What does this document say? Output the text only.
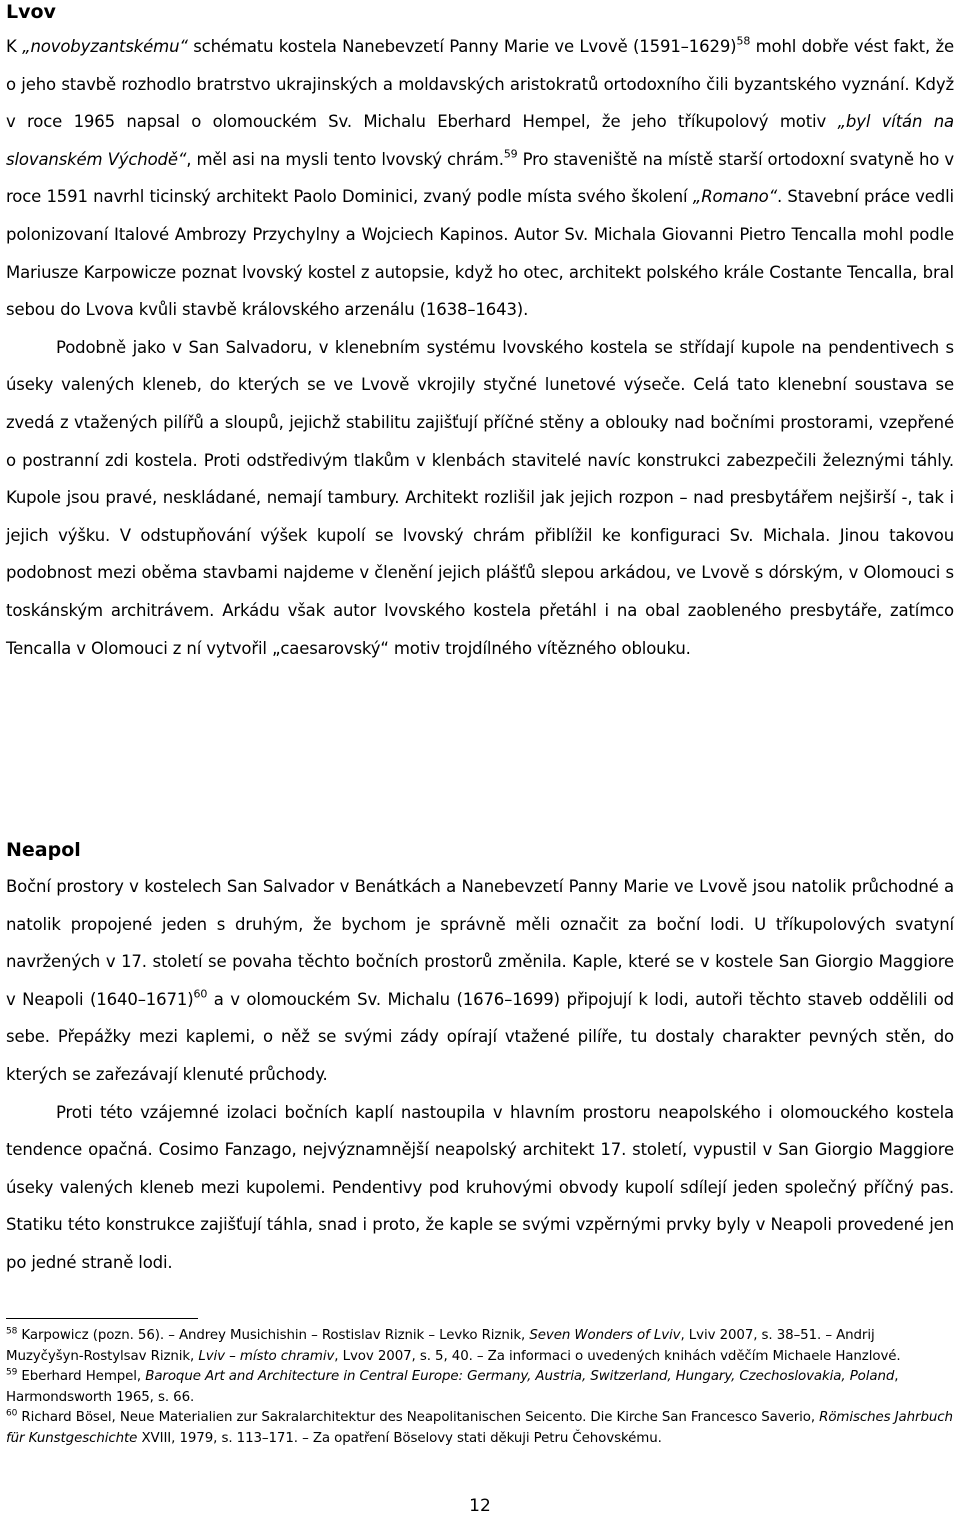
Lvov

K „novobyzantskému“ schématu kostela Nanebevzetí Panny Marie ve Lvově (1591–1629)$^{58}$ mohl dobře vést fakt, že o jeho stavbě rozhodlo bratrstvo ukrajinských a moldavských aristokratů ortodoxního čili byzantského vyznání. Když v roce 1965 napsal o olomouckém Sv. Michalu Eberhard Hempel, že jeho tříkupolový motiv „byl vítán na slovanském Východě“, měl asi na mysli tento lvovský chrám.$^{59}$ Pro staveniště na místě starší ortodoxní svatyně ho v roce 1591 navrhl ticinský architekt Paolo Dominici, zvaný podle místa svého školení „Romano“. Stavební práce vedli polonizovaní Italové Ambrozy Przychylny a Wojciech Kapinos. Autor Sv. Michala Giovanni Pietro Tencalla mohl podle Mariusze Karpowicze poznat lvovský kostel z autopsie, když ho otec, architekt polského krále Costante Tencalla, bral sebou do Lvova kvůli stavbě královského arzenálu (1638–1643).

Podobně jako v San Salvadoru, v klenebním systému lvovského kostela se střídají kupole na pendentivech s úseky valených kleneb, do kterých se ve Lvově vkrojily styčné lunetové výseče. Celá tato klenební soustava se zvedá z vtažených pilířů a sloupů, jejichž stabilitu zajišťují příčné stěny a oblouky nad bočními prostorami, vzepřené o postranní zdi kostela. Proti odstředivým tlakům v klenbách stavitelé navíc konstrukci zabezpečili železnými táhly. Kupole jsou pravé, neskládané, nemají tambury. Architekt rozlišil jak jejich rozpon – nad presbytářem nejširší -, tak i jejich výšku. V odstupňování výšek kupolí se lvovský chrám přiblížil ke konfiguraci Sv. Michala. Jinou takovou podobnost mezi oběma stavbami najdeme v členění jejich plášťů slepou arkádou, ve Lvově s dórským, v Olomouci s toskánským architrávem. Arkádu však autor lvovského kostela přetáhl i na obal zaobleného presbytáře, zatímco Tencalla v Olomouci z ní vytvořil „caesarovský“ motiv trojdílného vítězného oblouku.

Neapol

Boční prostory v kostelech San Salvador v Benátkách a Nanebevzetí Panny Marie ve Lvově jsou natolik průchodné a natolik propojené jeden s druhým, že bychom je správně měli označit za boční lodi. U tříkupolových svatyní navržených v 17. století se povaha těchto bočních prostorů změnila. Kaple, které se v kostele San Giorgio Maggiore v Neapoli (1640–1671)$^{60}$ a v olomouckém Sv. Michalu (1676–1699) připojují k lodi, autoři těchto staveb oddělili od sebe. Přepážky mezi kaplemi, o něž se svými zády opírají vtažené pilíře, tu dostaly charakter pevných stěn, do kterých se zařezávají klenuté průchody.

Proti této vzájemné izolaci bočních kaplí nastoupila v hlavním prostoru neapolského i olomouckého kostela tendence opačná. Cosimo Fanzago, nejvýznamnější neapolský architekt 17. století, vypustil v San Giorgio Maggiore úseky valených kleneb mezi kupolemi. Pendentivy pod kruhovými obvody kupolí sdílejí jeden společný příčný pas. Statiku této konstrukce zajišťují táhla, snad i proto, že kaple se svými vzpěrnými prvky byly v Neapoli provedené jen po jedné straně lodi.

$^{58}$ Karpowicz (pozn. 56). – Andrey Musichishin – Rostislav Riznik – Levko Riznik, Seven Wonders of Lviv, Lviv 2007, s. 38–51. – Andrij Muzyčyšyn-Rostylsav Riznik, Lviv – místo chramiv, Lvov 2007, s. 5, 40. – Za informaci o uvedených knihách vděčím Michaele Hanzlové.

$^{59}$ Eberhard Hempel, Baroque Art and Architecture in Central Europe: Germany, Austria, Switzerland, Hungary, Czechoslovakia, Poland, Harmondsworth 1965, s. 66.

$^{60}$ Richard Bösel, Neue Materialien zur Sakralarchitektur des Neapolitanischen Seicento. Die Kirche San Francesco Saverio, Römisches Jahrbuch für Kunstgeschichte XVIII, 1979, s. 113–171. – Za opatření Böselovy stati děkuji Petru Čehovskému.

12
